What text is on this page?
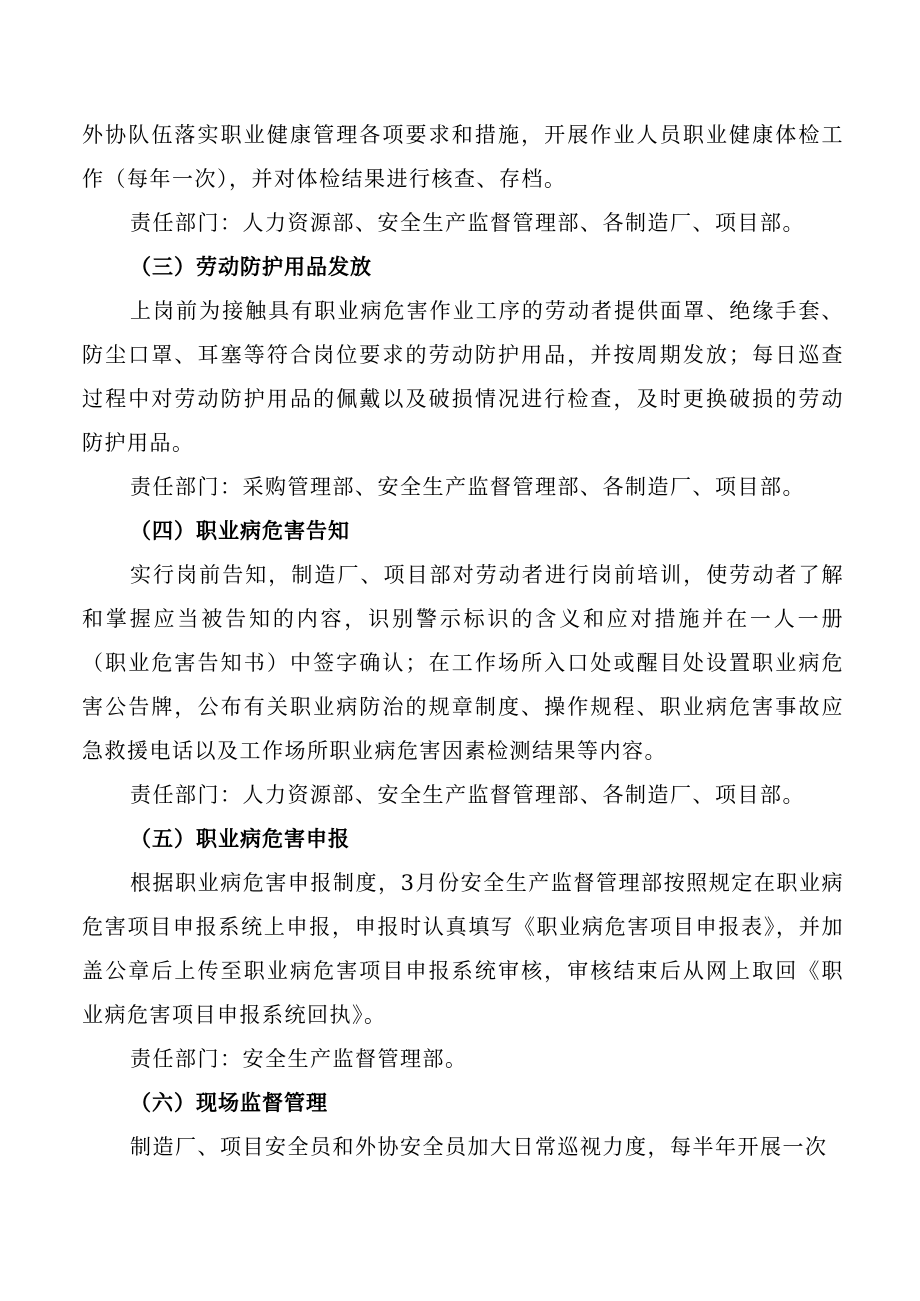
外协队伍落实职业健康管理各项要求和措施，开展作业人员职业健康体检工作（每年一次），并对体检结果进行核查、存档。

责任部门：人力资源部、安全生产监督管理部、各制造厂、项目部。

（三）劳动防护用品发放

上岗前为接触具有职业病危害作业工序的劳动者提供面罩、绝缘手套、防尘口罩、耳塞等符合岗位要求的劳动防护用品，并按周期发放；每日巡查过程中对劳动防护用品的佩戴以及破损情况进行检查，及时更换破损的劳动防护用品。

责任部门：采购管理部、安全生产监督管理部、各制造厂、项目部。

（四）职业病危害告知

实行岗前告知，制造厂、项目部对劳动者进行岗前培训，使劳动者了解和掌握应当被告知的内容，识别警示标识的含义和应对措施并在一人一册（职业危害告知书）中签字确认；在工作场所入口处或醒目处设置职业病危害公告牌，公布有关职业病防治的规章制度、操作规程、职业病危害事故应急救援电话以及工作场所职业病危害因素检测结果等内容。

责任部门：人力资源部、安全生产监督管理部、各制造厂、项目部。

（五）职业病危害申报

根据职业病危害申报制度，3月份安全生产监督管理部按照规定在职业病危害项目申报系统上申报，申报时认真填写《职业病危害项目申报表》，并加盖公章后上传至职业病危害项目申报系统审核，审核结束后从网上取回《职业病危害项目申报系统回执》。

责任部门：安全生产监督管理部。

（六）现场监督管理

制造厂、项目安全员和外协安全员加大日常巡视力度，每半年开展一次
